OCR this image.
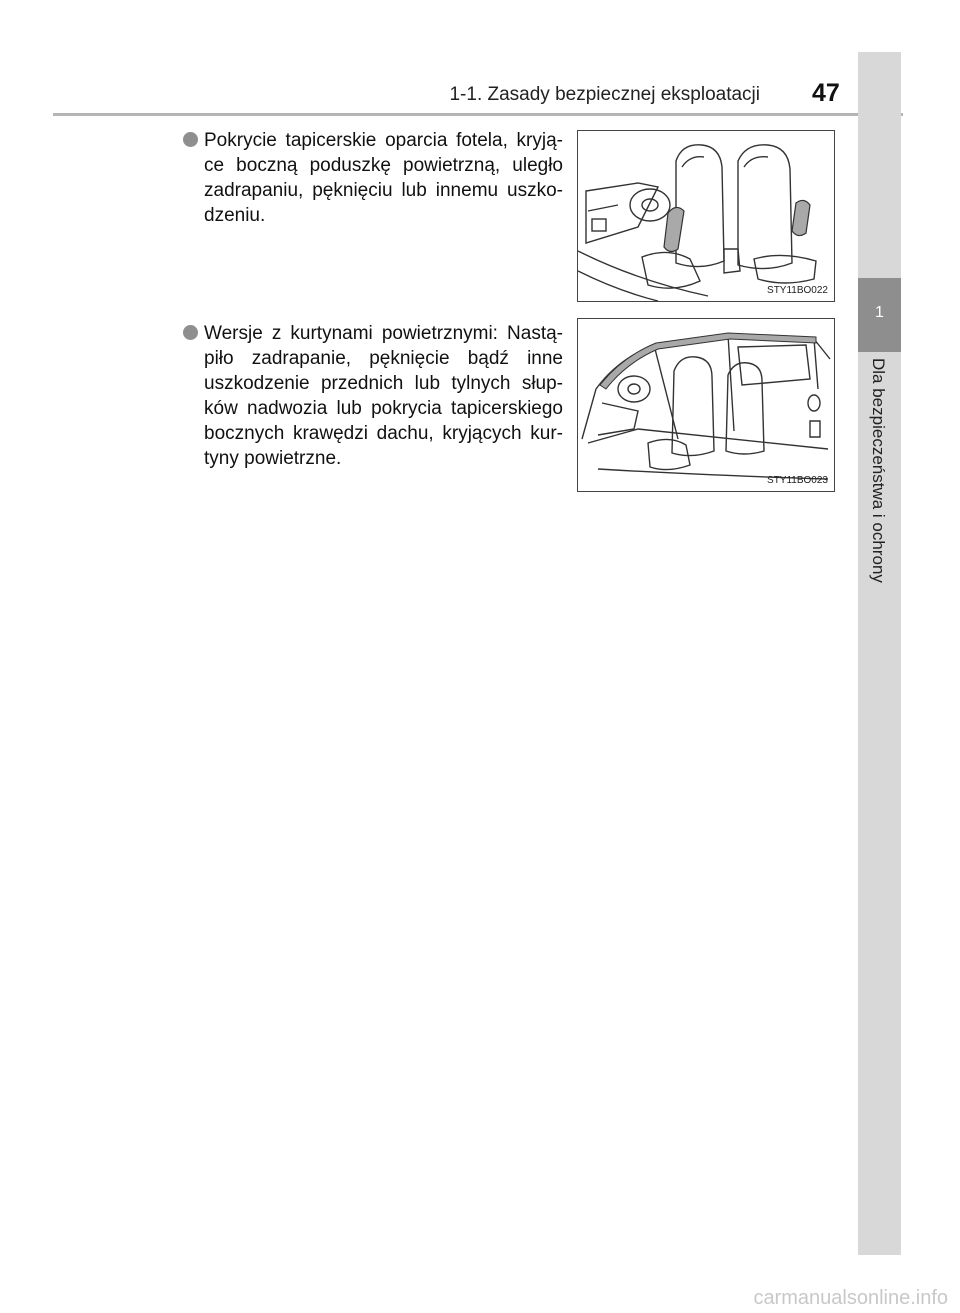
1-1. Zasady bezpiecznej eksploatacji 47
1
Dla bezpieczeństwa i ochrony
Pokrycie tapicerskie oparcia fotela, kryją-ce boczną poduszkę powietrzną, uległo zadrapaniu, pęknięciu lub innemu uszko-dzeniu.
STY11BO022
Wersje z kurtynami powietrznymi: Nastą-piło zadrapanie, pęknięcie bądź inne uszkodzenie przednich lub tylnych słup-ków nadwozia lub pokrycia tapicerskiego bocznych krawędzi dachu, kryjących kur-tyny powietrzne.
STY11BO023
carmanualsonline.info
